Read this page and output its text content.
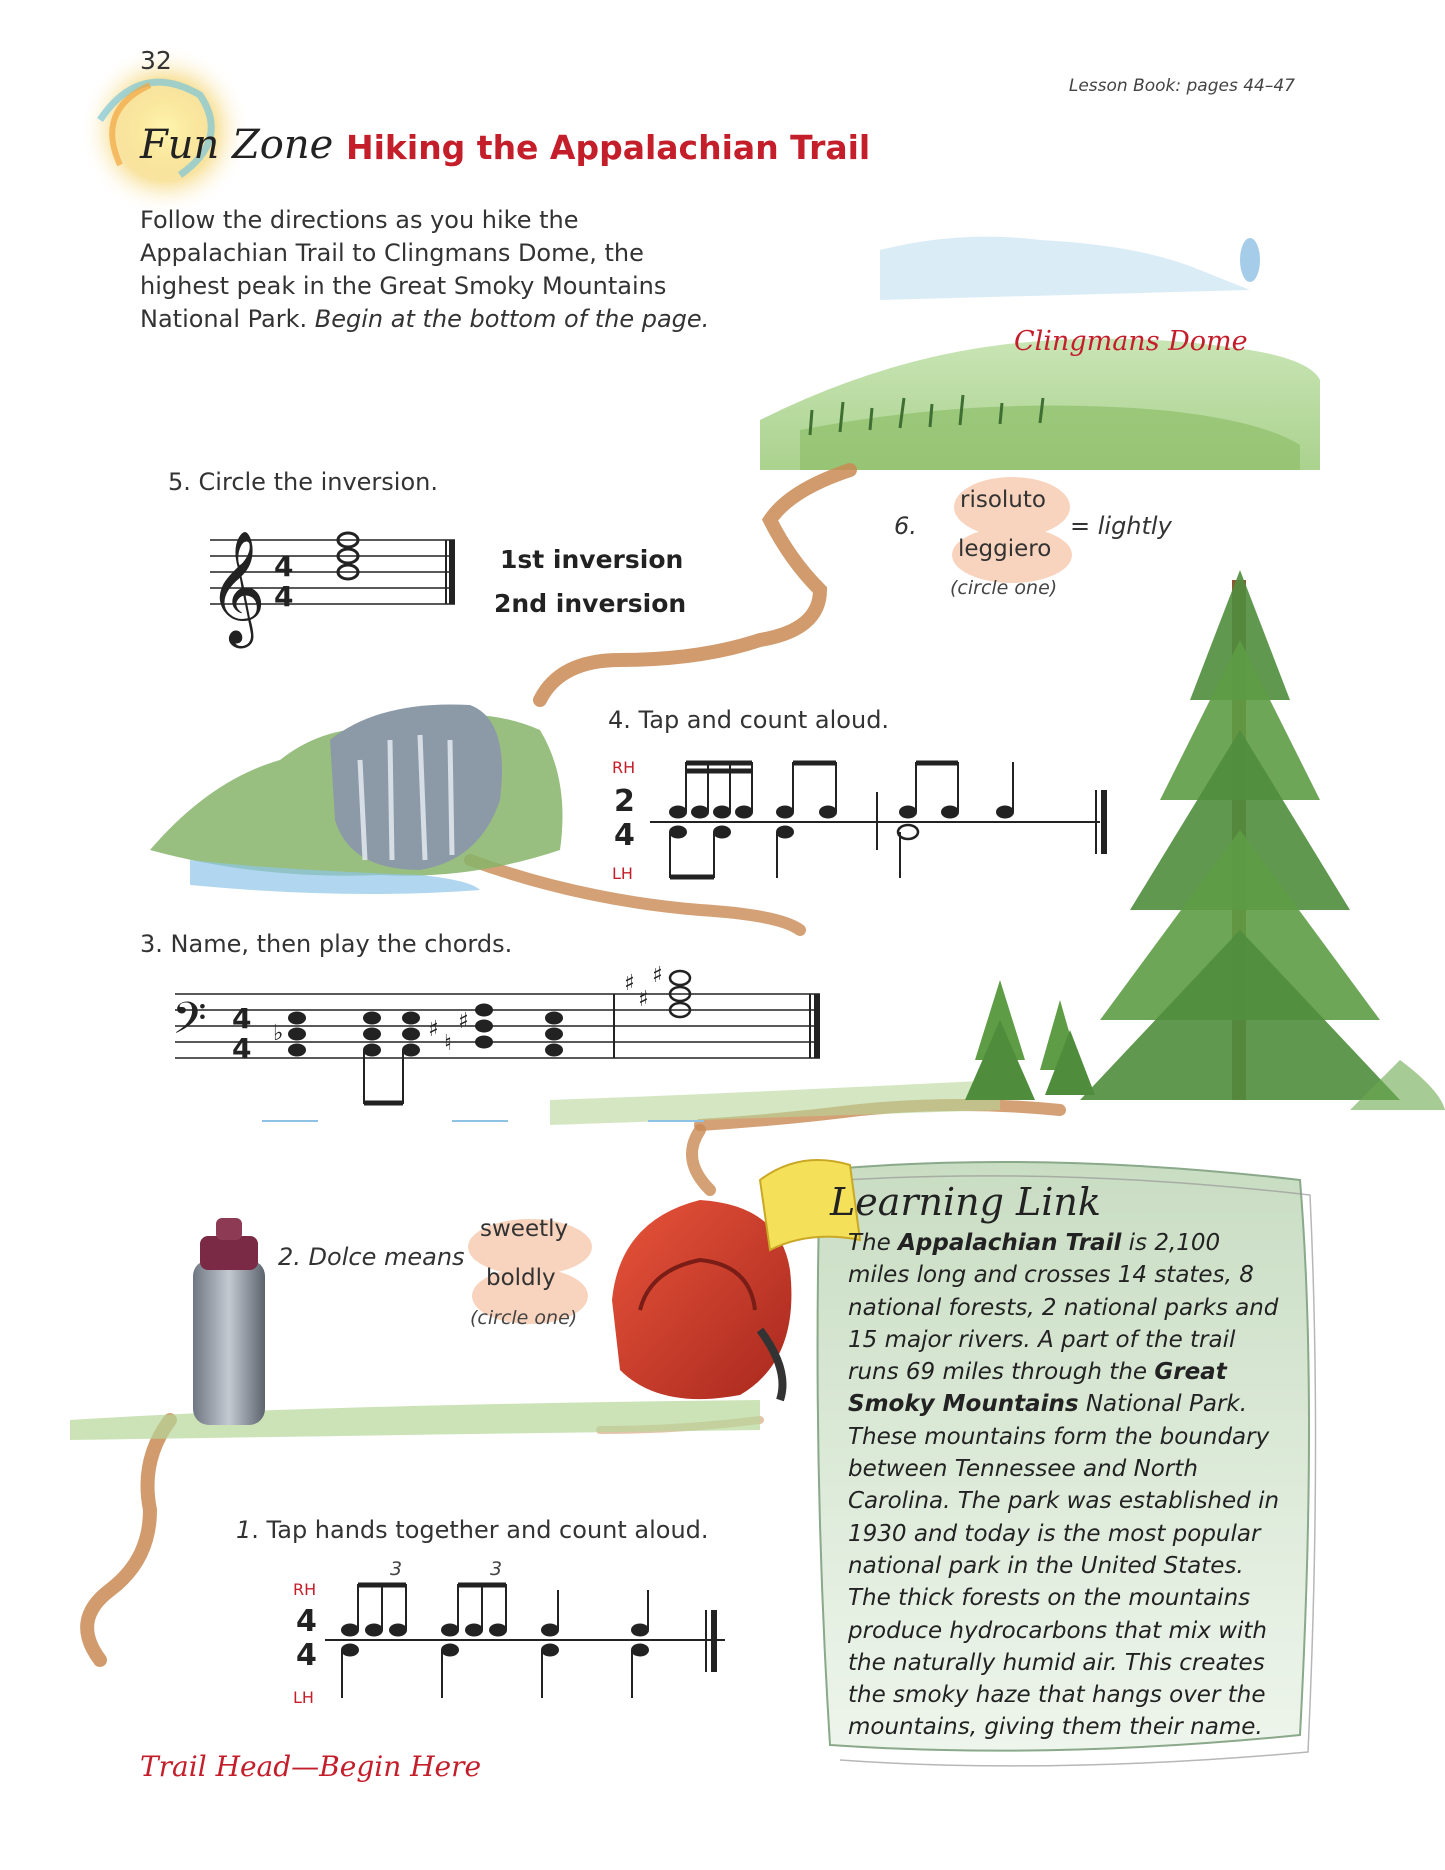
𝄞
♭	♯
♮
♯
♯
♯
♯
𝄢
32
Lesson Book: pages 44–47
Fun Zone Hiking the Appalachian Trail
Follow the directions as you hike the Appalachian Trail to Clingmans Dome, the highest peak in the Great Smoky Mountains National Park. Begin at the bottom of the page.
Clingmans Dome
5. Circle the inversion.
4
4
1st inversion
2nd inversion
6.
risoluto
leggiero
= lightly
(circle one)
4. Tap and count aloud.
RH
LH
2
4
3. Name, then play the chords.
4
4
2. Dolce means
sweetly
boldly
(circle one)
1. Tap hands together and count aloud.
3	3
RH
LH
4
4
Trail Head—Begin Here
Learning Link
The Appalachian Trail is 2,100 miles long and crosses 14 states, 8 national forests, 2 national parks and 15 major rivers. A part of the trail runs 69 miles through the Great Smoky Mountains National Park. These mountains form the boundary between Tennessee and North Carolina. The park was established in 1930 and today is the most popular national park in the United States. The thick forests on the mountains produce hydrocarbons that mix with the naturally humid air. This creates the smoky haze that hangs over the mountains, giving them their name.
